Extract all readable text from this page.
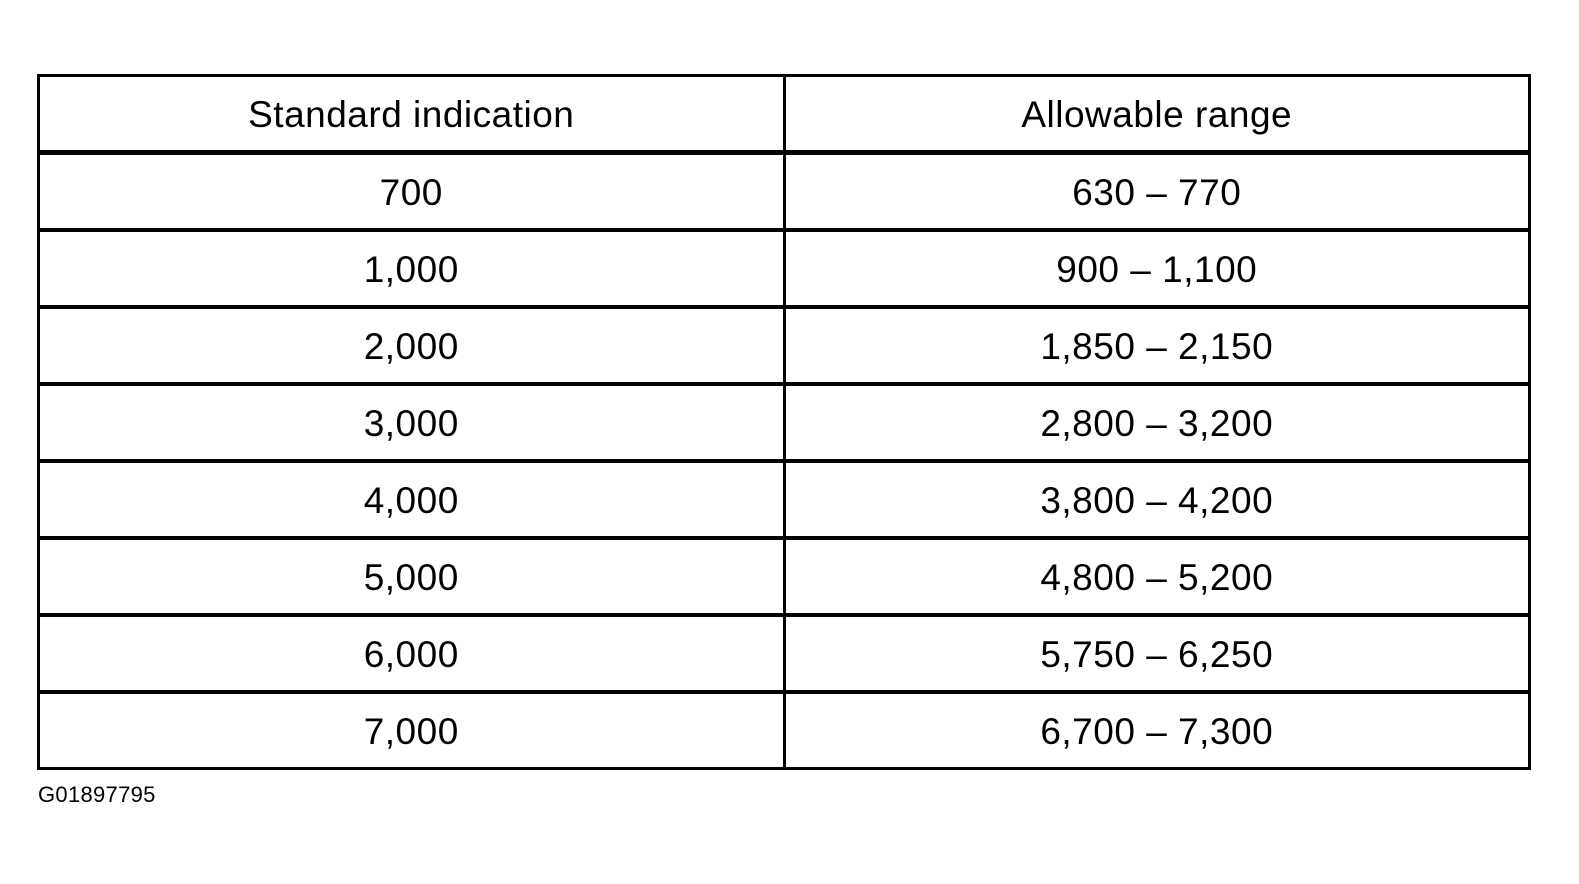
Standard indication	Allowable range
700	630 – 770
1,000	900 – 1,100
2,000	1,850 – 2,150
3,000	2,800 – 3,200
4,000	3,800 – 4,200
5,000	4,800 – 5,200
6,000	5,750 – 6,250
7,000	6,700 – 7,300
G01897795
